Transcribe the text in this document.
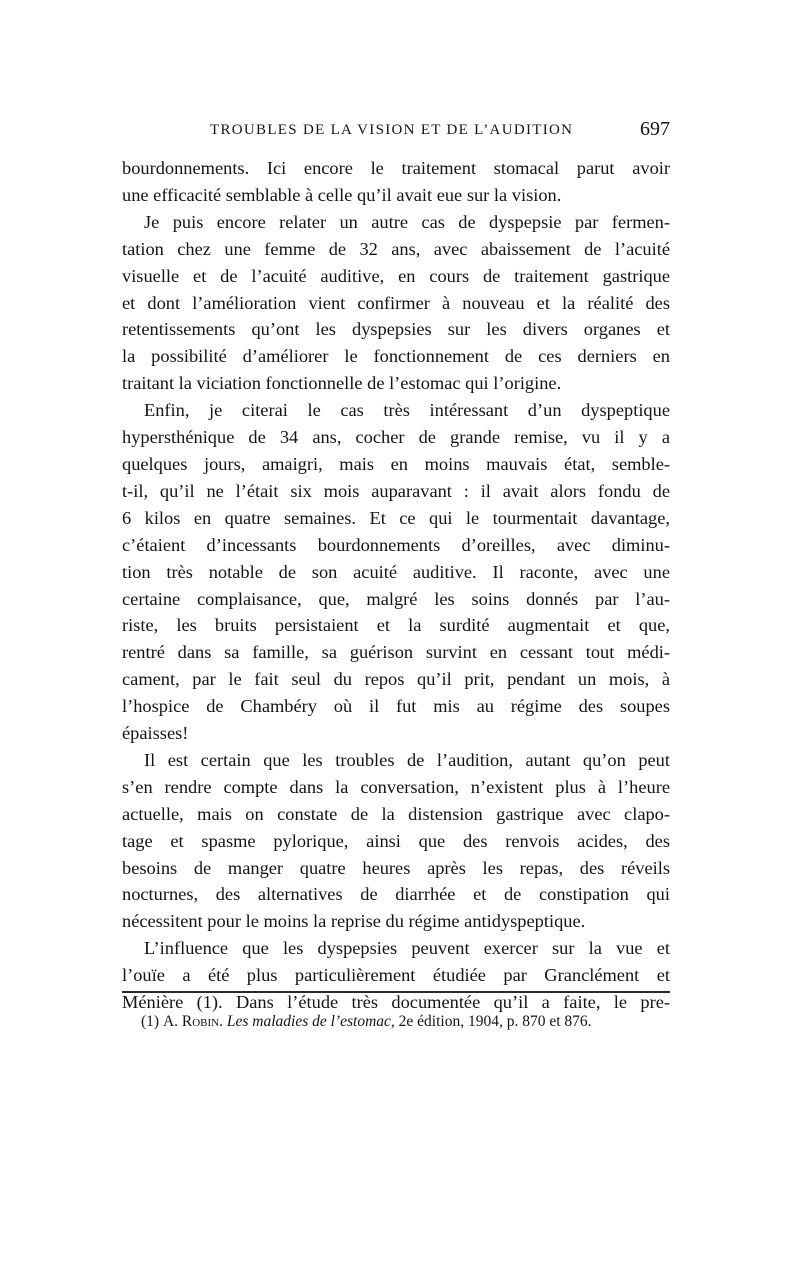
TROUBLES DE LA VISION ET DE L’AUDITION	697

bourdonnements. Ici encore le traitement stomacal parut avoir

une efficacité semblable à celle qu’il avait eue sur la vision.

Je puis encore relater un autre cas de dyspepsie par fermen-

tation chez une femme de 32 ans, avec abaissement de l’acuité

visuelle et de l’acuité auditive, en cours de traitement gastrique

et dont l’amélioration vient confirmer à nouveau et la réalité des

retentissements qu’ont les dyspepsies sur les divers organes et

la possibilité d’améliorer le fonctionnement de ces derniers en

traitant la viciation fonctionnelle de l’estomac qui l’origine.

Enfin, je citerai le cas très intéressant d’un dyspeptique

hypersthénique de 34 ans, cocher de grande remise, vu il y a

quelques jours, amaigri, mais en moins mauvais état, semble-

t-il, qu’il ne l’était six mois auparavant : il avait alors fondu de

6 kilos en quatre semaines. Et ce qui le tourmentait davantage,

c’étaient d’incessants bourdonnements d’oreilles, avec diminu-

tion très notable de son acuité auditive. Il raconte, avec une

certaine complaisance, que, malgré les soins donnés par l’au-

riste, les bruits persistaient et la surdité augmentait et que,

rentré dans sa famille, sa guérison survint en cessant tout médi-

cament, par le fait seul du repos qu’il prit, pendant un mois, à

l’hospice de Chambéry où il fut mis au régime des soupes

épaisses!

Il est certain que les troubles de l’audition, autant qu’on peut

s’en rendre compte dans la conversation, n’existent plus à l’heure

actuelle, mais on constate de la distension gastrique avec clapo-

tage et spasme pylorique, ainsi que des renvois acides, des

besoins de manger quatre heures après les repas, des réveils

nocturnes, des alternatives de diarrhée et de constipation qui

nécessitent pour le moins la reprise du régime antidyspeptique.

L’influence que les dyspepsies peuvent exercer sur la vue et

l’ouïe a été plus particulièrement étudiée par Granclément et

Ménière (1). Dans l’étude très documentée qu’il a faite, le pre-

(1) A. Robin. Les maladies de l’estomac, 2e édition, 1904, p. 870 et 876.
